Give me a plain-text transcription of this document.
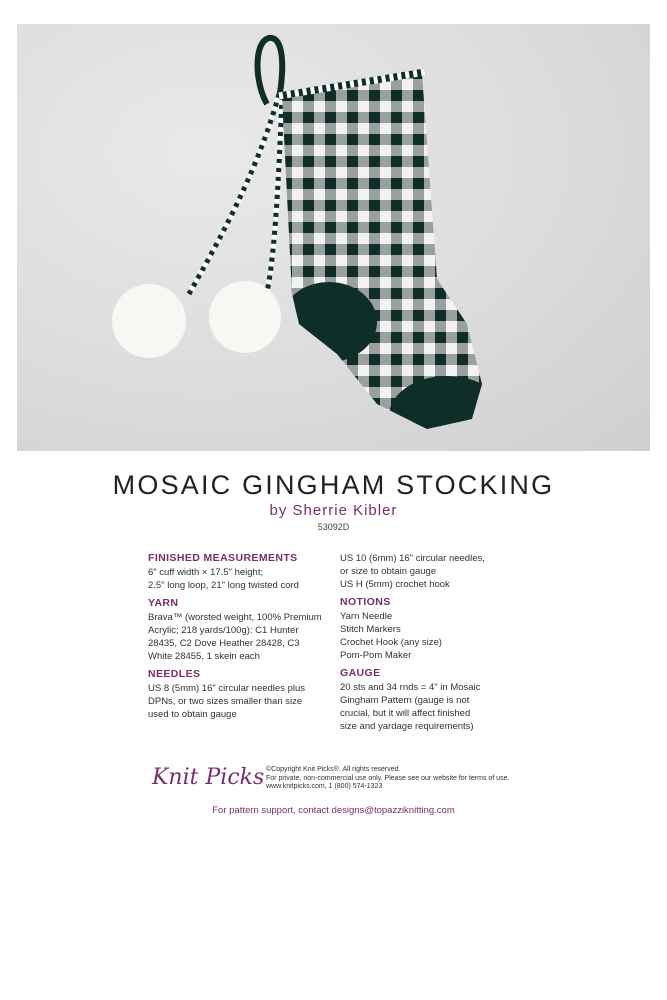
MOSAIC GINGHAM STOCKING
by Sherrie Kibler
53092D
FINISHED MEASUREMENTS

6" cuff width × 17.5" height;
2.5" long loop, 21" long twisted cord

YARN

Brava™ (worsted weight, 100% Premium
Acrylic; 218 yards/100g): C1 Hunter
28435, C2 Dove Heather 28428, C3
White 28455, 1 skein each

NEEDLES

US 8 (5mm) 16" circular needles plus
DPNs, or two sizes smaller than size
used to obtain gauge

US 10 (6mm) 16" circular needles,
or size to obtain gauge
US H (5mm) crochet hook

NOTIONS

Yarn Needle
Stitch Markers
Crochet Hook (any size)
Pom-Pom Maker

GAUGE

20 sts and 34 rnds = 4" in Mosaic
Gingham Pattern (gauge is not
crucial, but it will affect finished
size and yardage requirements)

Knit Picks ©Copyright Knit Picks®. All rights reserved.
For private, non-commercial use only. Please see our website for terms of use.
www.knitpicks.com, 1 (800) 574-1323
For pattern support, contact designs@topazziknitting.com
